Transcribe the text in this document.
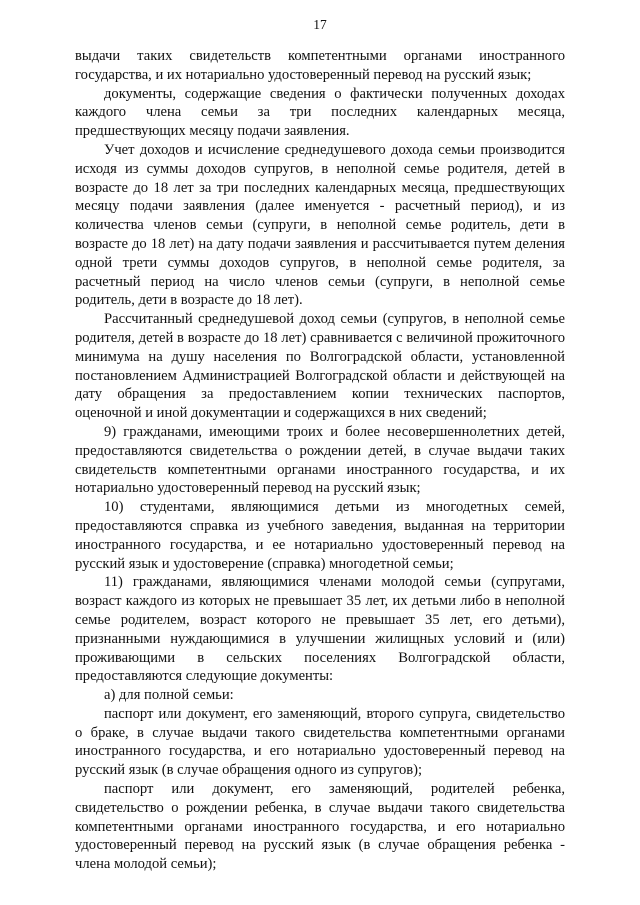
17

выдачи таких свидетельств компетентными органами иностранного государства, и их нотариально удостоверенный перевод на русский язык;

документы, содержащие сведения о фактически полученных доходах каждого члена семьи за три последних календарных месяца, предшествующих месяцу подачи заявления.

Учет доходов и исчисление среднедушевого дохода семьи производится исходя из суммы доходов супругов, в неполной семье родителя, детей в возрасте до 18 лет за три последних календарных месяца, предшествующих месяцу подачи заявления (далее именуется - расчетный период), и из количества членов семьи (супруги, в неполной семье родитель, дети в возрасте до 18 лет) на дату подачи заявления и рассчитывается путем деления одной трети суммы доходов супругов, в неполной семье родителя, за расчетный период на число членов семьи (супруги, в неполной семье родитель, дети в возрасте до 18 лет).

Рассчитанный среднедушевой доход семьи (супругов, в неполной семье родителя, детей в возрасте до 18 лет) сравнивается с величиной прожиточного минимума на душу населения по Волгоградской области, установленной постановлением Администрацией Волгоградской области и действующей на дату обращения за предоставлением копии технических паспортов, оценочной и иной документации и содержащихся в них сведений;

9) гражданами, имеющими троих и более несовершеннолетних детей, предоставляются свидетельства о рождении детей, в случае выдачи таких свидетельств компетентными органами иностранного государства, и их нотариально удостоверенный перевод на русский язык;

10) студентами, являющимися детьми из многодетных семей, предоставляются справка из учебного заведения, выданная на территории иностранного государства, и ее нотариально удостоверенный перевод на русский язык и удостоверение (справка) многодетной семьи;

11) гражданами, являющимися членами молодой семьи (супругами, возраст каждого из которых не превышает 35 лет, их детьми либо в неполной семье родителем, возраст которого не превышает 35 лет, его детьми), признанными нуждающимися в улучшении жилищных условий и (или) проживающими в сельских поселениях Волгоградской области, предоставляются следующие документы:

а) для полной семьи:

паспорт или документ, его заменяющий, второго супруга, свидетельство о браке, в случае выдачи такого свидетельства компетентными органами иностранного государства, и его нотариально удостоверенный перевод на русский язык (в случае обращения одного из супругов);

паспорт или документ, его заменяющий, родителей ребенка, свидетельство о рождении ребенка, в случае выдачи такого свидетельства компетентными органами иностранного государства, и его нотариально удостоверенный перевод на русский язык (в случае обращения ребенка - члена молодой семьи);
